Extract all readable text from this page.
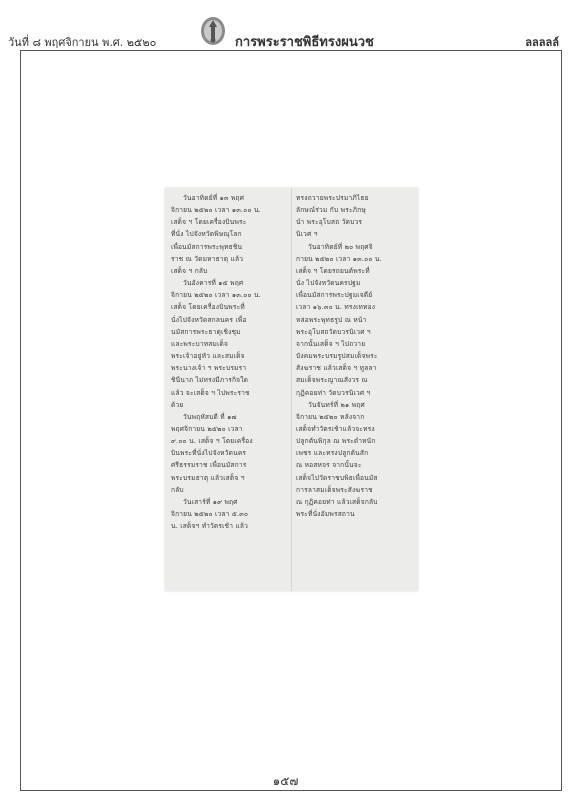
วันที่ ๘ พฤศจิกายน พ.ศ. ๒๕๒๐	การพระราชพิธีทรงผนวช	ลลลลล์
วันอาทิตย์ที่ ๑๓ พฤศ
จิกายน ๒๕๒๐ เวลา ๑๓.๐๐ น.
เสด็จ ฯ โดยเครื่องบินพระ
ที่นั่ง ไปจังหวัดพิษณุโลก
เพื่อนมัสการพระพุทธชิน
ราช ณ วัดมหาธาตุ แล้ว
เสด็จ ฯ กลับ
วันอังคารที่ ๑๕ พฤศ
จิกายน ๒๕๒๐ เวลา ๑๓.๐๐ น.
เสด็จ โดยเครื่องบินพระที่
นั่งไปจังหวัดสกลนคร เพื่อ
นมัสการพระธาตุเชิงชุม
และพระบาทสมเด็จ
พระเจ้าอยู่หัว และสมเด็จ
พระนางเจ้า ฯ พระบรมรา
ชินีนาถ ไม่ทรงมีภารกิจใด
แล้ว จะเสด็จ ฯ ไปพระราช
ด้วย
วันพฤหัสบดี ที่ ๑๗
พฤศจิกายน ๒๕๒๐ เวลา
๙.๐๐ น. เสด็จ ฯ โดยเครื่อง
บินพระที่นั่งไปจังหวัดนคร
ศรีธรรมราช เพื่อนมัสการ
พระบรมธาตุ แล้วเสด็จ ฯ
กลับ
วันเสาร์ที่ ๑๙ พฤศ
จิกายน ๒๕๒๐ เวลา ๕.๓๐
น. เสด็จฯ ทำวัตรเช้า แล้ว
ทรงถวายพระปรมาภิไธย
ลักษณ์ร่วม กับ พระภิกษุ
นำ พระอุโบสถ วัดบวร
นิเวศ ฯ
วันอาทิตย์ที่ ๒๐ พฤศจิ
กายน ๒๕๒๐ เวลา ๑๓.๐๐ น.
เสด็จ ฯ โดยรถยนต์พระที่
นั่ง ไปจังหวัดนครปฐม
เพื่อนมัสการพระปฐมเจดีย์
เวลา ๑๖.๓๐ น. ทรงเททอง
หล่อพระพุทธรูป ณ หน้า
พระอุโบสถวัดบวรนิเวศ ฯ
จากนั้นเสด็จ ฯ ไปถวาย
บังคมพระบรมรูปสมเด็จพระ
สังฆราช แล้วเสด็จ ฯ ทูลลา
สมเด็จพระญาณสังวร ณ
กุฏิคอยท่า วัดบวรนิเวศ ฯ
วันจันทร์ที่ ๒๑ พฤศ
จิกายน ๒๕๒๐ หลังจาก
เสด็จทำวัตรเช้าแล้วจะทรง
ปลูกต้นพิกุล ณ พระตำหนัก
เพชร และทรงปลูกต้นสัก
ณ หอสหจร จากนั้นจะ
เสด็จไปวัดราชบพิธเพื่อนมัส
การลาสมเด็จพระสังฆราช
ณ กุฏิคอยท่า แล้วเสด็จกลับ
พระที่นั่งอัมพรสถาน
๑๕๗
